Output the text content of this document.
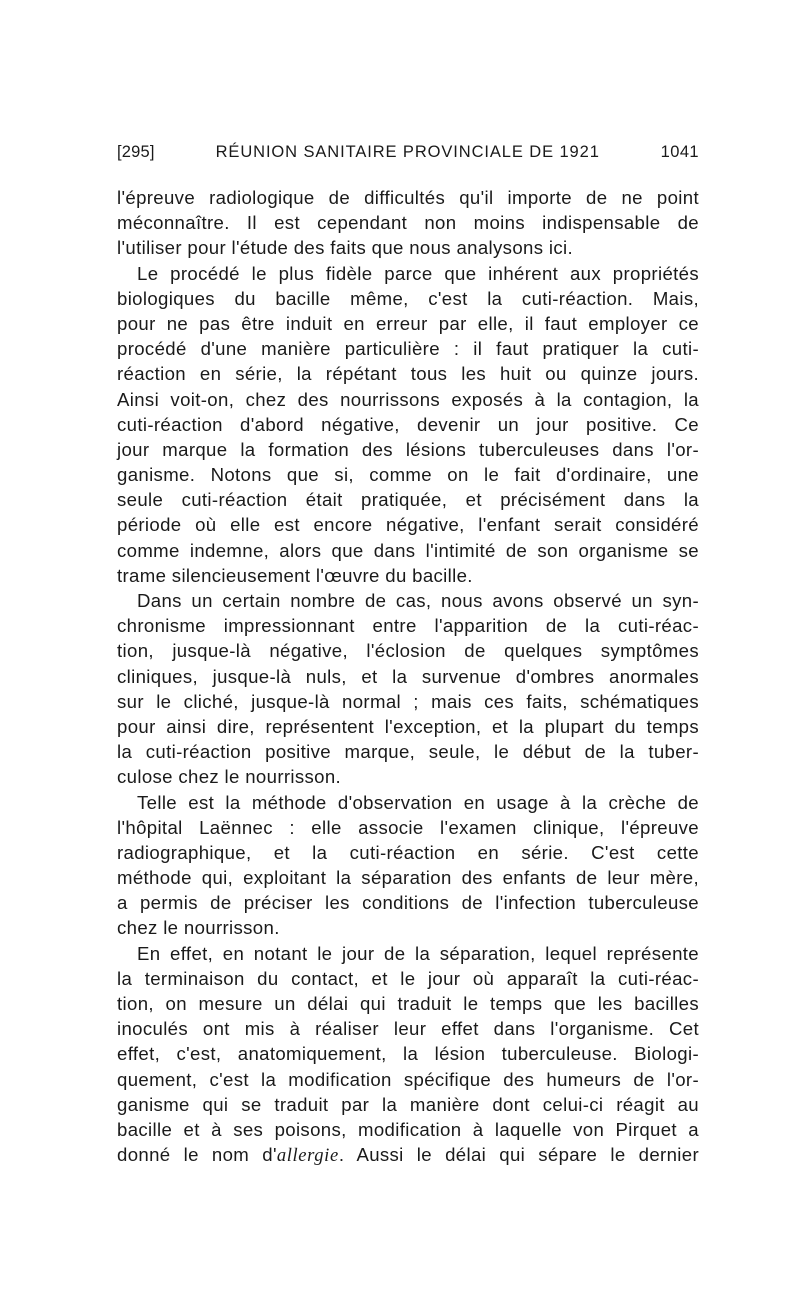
[295]	RÉUNION SANITAIRE PROVINCIALE DE 1921	1041
l'épreuve radiologique de difficultés qu'il importe de ne point
méconnaître. Il est cependant non moins indispensable de
l'utiliser pour l'étude des faits que nous analysons ici.
Le procédé le plus fidèle parce que inhérent aux propriétés
biologiques du bacille même, c'est la cuti-réaction. Mais,
pour ne pas être induit en erreur par elle, il faut employer ce
procédé d'une manière particulière : il faut pratiquer la cuti-
réaction en série, la répétant tous les huit ou quinze jours.
Ainsi voit-on, chez des nourrissons exposés à la contagion, la
cuti-réaction d'abord négative, devenir un jour positive. Ce
jour marque la formation des lésions tuberculeuses dans l'or-
ganisme. Notons que si, comme on le fait d'ordinaire, une
seule cuti-réaction était pratiquée, et précisément dans la
période où elle est encore négative, l'enfant serait considéré
comme indemne, alors que dans l'intimité de son organisme se
trame silencieusement l'œuvre du bacille.
Dans un certain nombre de cas, nous avons observé un syn-
chronisme impressionnant entre l'apparition de la cuti-réac-
tion, jusque-là négative, l'éclosion de quelques symptômes
cliniques, jusque-là nuls, et la survenue d'ombres anormales
sur le cliché, jusque-là normal ; mais ces faits, schématiques
pour ainsi dire, représentent l'exception, et la plupart du temps
la cuti-réaction positive marque, seule, le début de la tuber-
culose chez le nourrisson.
Telle est la méthode d'observation en usage à la crèche de
l'hôpital Laënnec : elle associe l'examen clinique, l'épreuve
radiographique, et la cuti-réaction en série. C'est cette
méthode qui, exploitant la séparation des enfants de leur mère,
a permis de préciser les conditions de l'infection tuberculeuse
chez le nourrisson.
En effet, en notant le jour de la séparation, lequel représente
la terminaison du contact, et le jour où apparaît la cuti-réac-
tion, on mesure un délai qui traduit le temps que les bacilles
inoculés ont mis à réaliser leur effet dans l'organisme. Cet
effet, c'est, anatomiquement, la lésion tuberculeuse. Biologi-
quement, c'est la modification spécifique des humeurs de l'or-
ganisme qui se traduit par la manière dont celui-ci réagit au
bacille et à ses poisons, modification à laquelle von Pirquet a
donné le nom d'allergie. Aussi le délai qui sépare le dernier
